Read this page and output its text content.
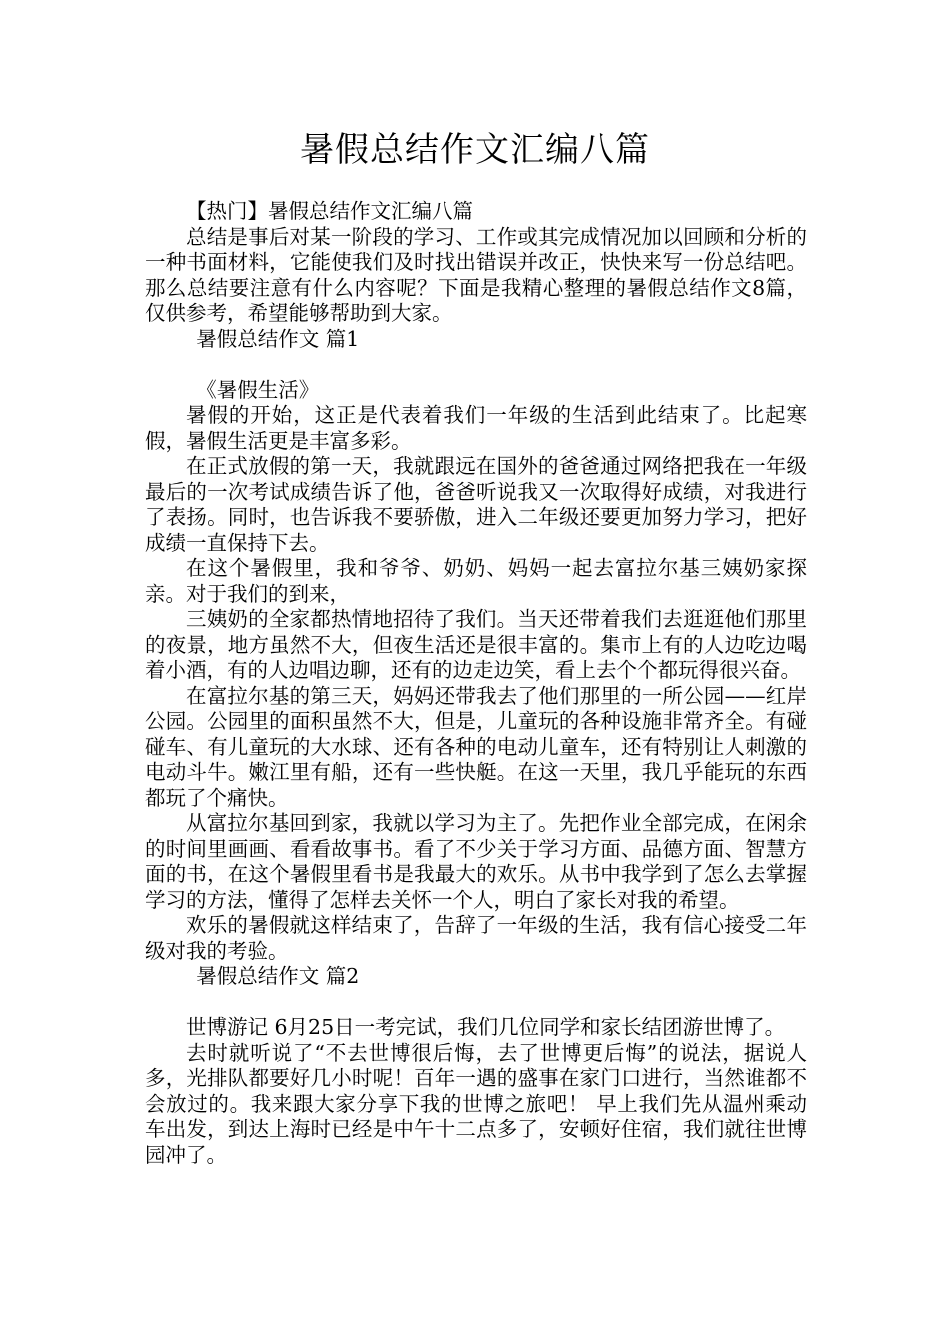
暑假总结作文汇编八篇

【热门】暑假总结作文汇编八篇

总结是事后对某一阶段的学习、工作或其完成情况加以回顾和分析的一种书面材料，它能使我们及时找出错误并改正，快快来写一份总结吧。那么总结要注意有什么内容呢？下面是我精心整理的暑假总结作文8篇，仅供参考，希望能够帮助到大家。

暑假总结作文 篇1

《暑假生活》

暑假的开始，这正是代表着我们一年级的生活到此结束了。比起寒假，暑假生活更是丰富多彩。

在正式放假的第一天，我就跟远在国外的爸爸通过网络把我在一年级最后的一次考试成绩告诉了他，爸爸听说我又一次取得好成绩，对我进行了表扬。同时，也告诉我不要骄傲，进入二年级还要更加努力学习，把好成绩一直保持下去。

在这个暑假里，我和爷爷、奶奶、妈妈一起去富拉尔基三姨奶家探亲。对于我们的到来，

三姨奶的全家都热情地招待了我们。当天还带着我们去逛逛他们那里的夜景，地方虽然不大，但夜生活还是很丰富的。集市上有的人边吃边喝着小酒，有的人边唱边聊，还有的边走边笑，看上去个个都玩得很兴奋。

在富拉尔基的第三天，妈妈还带我去了他们那里的一所公园——红岸公园。公园里的面积虽然不大，但是，儿童玩的各种设施非常齐全。有碰碰车、有儿童玩的大水球、还有各种的电动儿童车，还有特别让人刺激的电动斗牛。嫩江里有船，还有一些快艇。在这一天里，我几乎能玩的东西都玩了个痛快。

从富拉尔基回到家，我就以学习为主了。先把作业全部完成，在闲余的时间里画画、看看故事书。看了不少关于学习方面、品德方面、智慧方面的书，在这个暑假里看书是我最大的欢乐。从书中我学到了怎么去掌握学习的方法，懂得了怎样去关怀一个人，明白了家长对我的希望。

欢乐的暑假就这样结束了，告辞了一年级的生活，我有信心接受二年级对我的考验。

暑假总结作文 篇2

世博游记 6月25日一考完试，我们几位同学和家长结团游世博了。

去时就听说了“不去世博很后悔，去了世博更后悔”的说法，据说人多，光排队都要好几小时呢！百年一遇的盛事在家门口进行，当然谁都不会放过的。我来跟大家分享下我的世博之旅吧！ 早上我们先从温州乘动车出发，到达上海时已经是中午十二点多了，安顿好住宿，我们就往世博园冲了。
